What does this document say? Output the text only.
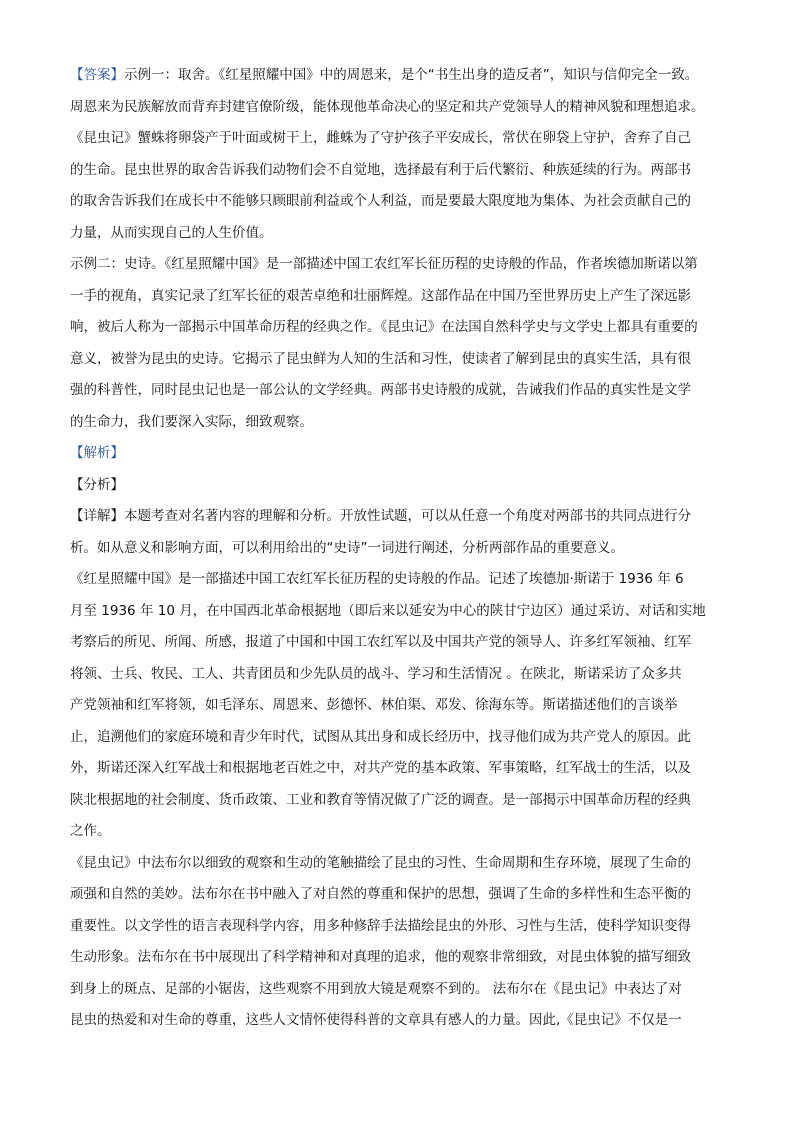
【答案】示例一：取舍。《红星照耀中国》中的周恩来，是个“书生出身的造反者”，知识与信仰完全一致。
周恩来为民族解放而背弃封建官僚阶级，能体现他革命决心的坚定和共产党领导人的精神风貌和理想追求。
《昆虫记》蟹蛛将卵袋产于叶面或树干上，雌蛛为了守护孩子平安成长，常伏在卵袋上守护，舍弃了自己
的生命。昆虫世界的取舍告诉我们动物们会不自觉地，选择最有利于后代繁衍、种族延续的行为。两部书
的取舍告诉我们在成长中不能够只顾眼前利益或个人利益，而是要最大限度地为集体、为社会贡献自己的
力量，从而实现自己的人生价值。
示例二：史诗。《红星照耀中国》是一部描述中国工农红军长征历程的史诗般的作品，作者埃德加斯诺以第
一手的视角，真实记录了红军长征的艰苦卓绝和壮丽辉煌。这部作品在中国乃至世界历史上产生了深远影
响，被后人称为一部揭示中国革命历程的经典之作。《昆虫记》在法国自然科学史与文学史上都具有重要的
意义，被誉为昆虫的史诗。它揭示了昆虫鲜为人知的生活和习性，使读者了解到昆虫的真实生活，具有很
强的科普性，同时昆虫记也是一部公认的文学经典。两部书史诗般的成就，告诫我们作品的真实性是文学
的生命力，我们要深入实际，细致观察。
【解析】
【分析】
【详解】本题考查对名著内容的理解和分析。开放性试题，可以从任意一个角度对两部书的共同点进行分
析。如从意义和影响方面，可以利用给出的“史诗”一词进行阐述，分析两部作品的重要意义。
《红星照耀中国》是一部描述中国工农红军长征历程的史诗般的作品。记述了埃德加·斯诺于 1936 年 6
月至 1936 年 10 月，在中国西北革命根据地（即后来以延安为中心的陕甘宁边区）通过采访、对话和实地
考察后的所见、所闻、所感，报道了中国和中国工农红军以及中国共产党的领导人、许多红军领袖、红军
将领、士兵、牧民、工人、共青团员和少先队员的战斗、学习和生活情况 。在陕北，斯诺采访了众多共
产党领袖和红军将领，如毛泽东、周恩来、彭德怀、林伯渠、邓发、徐海东等。斯诺描述他们的言谈举
止，追溯他们的家庭环境和青少年时代，试图从其出身和成长经历中，找寻他们成为共产党人的原因。此
外，斯诺还深入红军战士和根据地老百姓之中，对共产党的基本政策、军事策略，红军战士的生活，以及
陕北根据地的社会制度、货币政策、工业和教育等情况做了广泛的调查。是一部揭示中国革命历程的经典
之作。
《昆虫记》中法布尔以细致的观察和生动的笔触描绘了昆虫的习性、生命周期和生存环境，展现了生命的
顽强和自然的美妙。法布尔在书中融入了对自然的尊重和保护的思想，强调了生命的多样性和生态平衡的
重要性。以文学性的语言表现科学内容，用多种修辞手法描绘昆虫的外形、习性与生活，使科学知识变得
生动形象。法布尔在书中展现出了科学精神和对真理的追求，他的观察非常细致，对昆虫体貌的描写细致
到身上的斑点、足部的小锯齿，这些观察不用到放大镜是观察不到的。 法布尔在《昆虫记》中表达了对
昆虫的热爱和对生命的尊重，这些人文情怀使得科普的文章具有感人的力量。因此,《昆虫记》不仅是一
